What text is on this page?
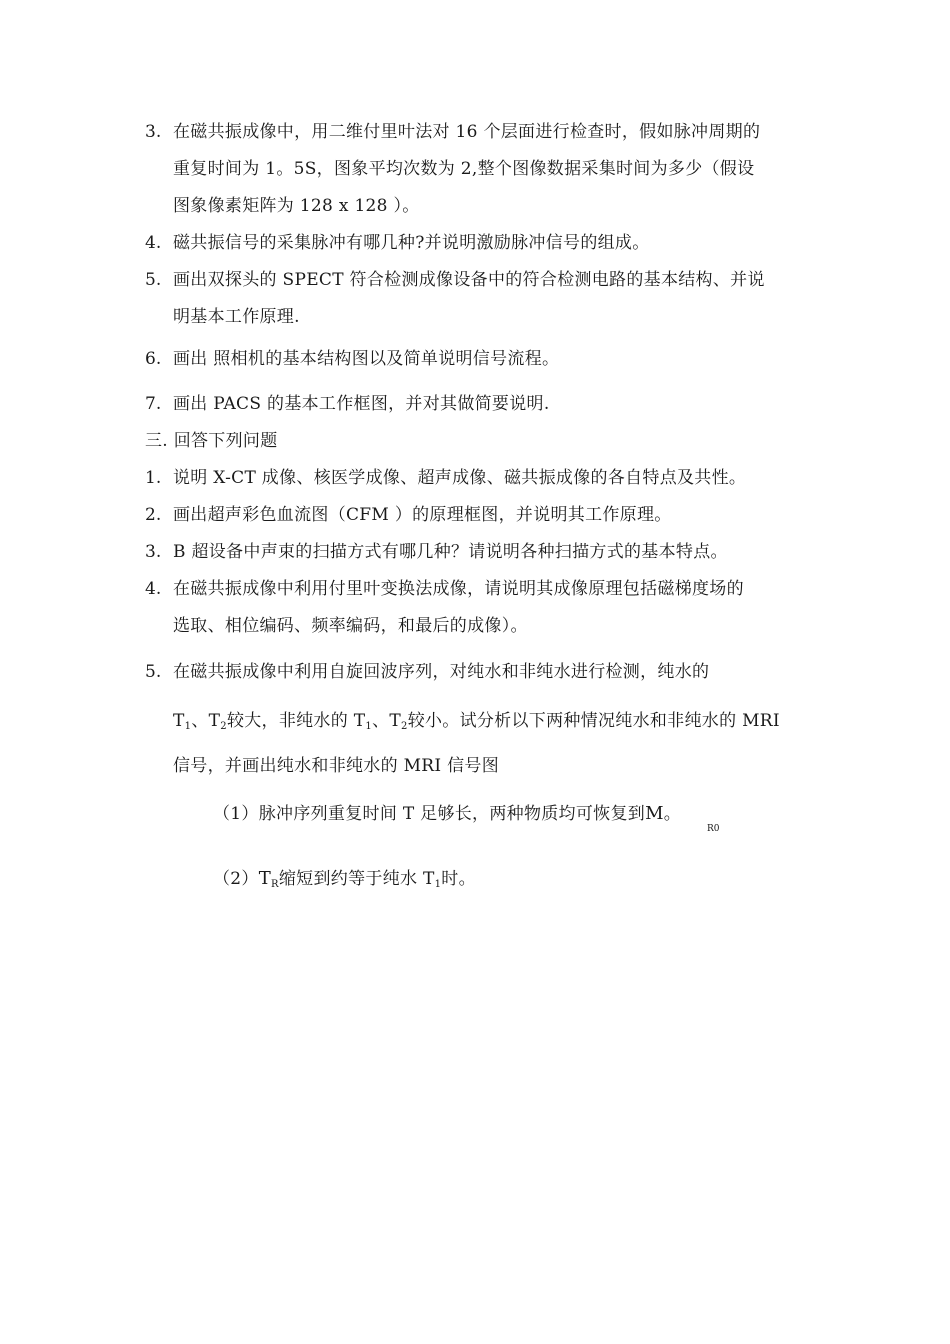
3. 在磁共振成像中，用二维付里叶法对 16 个层面进行检查时，假如脉冲周期的
重复时间为 1。5S，图象平均次数为 2,整个图像数据采集时间为多少（假设
图象像素矩阵为 128 x 128 ）。
4. 磁共振信号的采集脉冲有哪几种?并说明激励脉冲信号的组成。
5. 画出双探头的 SPECT 符合检测成像设备中的符合检测电路的基本结构、并说
明基本工作原理.
6. 画出 照相机的基本结构图以及简单说明信号流程。
7. 画出 PACS 的基本工作框图，并对其做简要说明.
三. 回答下列问题
1. 说明 X-CT 成像、核医学成像、超声成像、磁共振成像的各自特点及共性。
2. 画出超声彩色血流图（CFM ）的原理框图，并说明其工作原理。
3. B 超设备中声束的扫描方式有哪几种？请说明各种扫描方式的基本特点。
4. 在磁共振成像中利用付里叶变换法成像，请说明其成像原理包括磁梯度场的
选取、相位编码、频率编码，和最后的成像）。
5. 在磁共振成像中利用自旋回波序列，对纯水和非纯水进行检测，纯水的
$T_1$、$T_2$较大，非纯水的 $T_1$、$T_2$较小。试分析以下两种情况纯水和非纯水的 MRI
信号，并画出纯水和非纯水的 MRI 信号图
（1）脉冲序列重复时间 T 足够长，两种物质均可恢复到M。
R0
$(2)T_R$缩短到约等于纯水 $T_1$时。
